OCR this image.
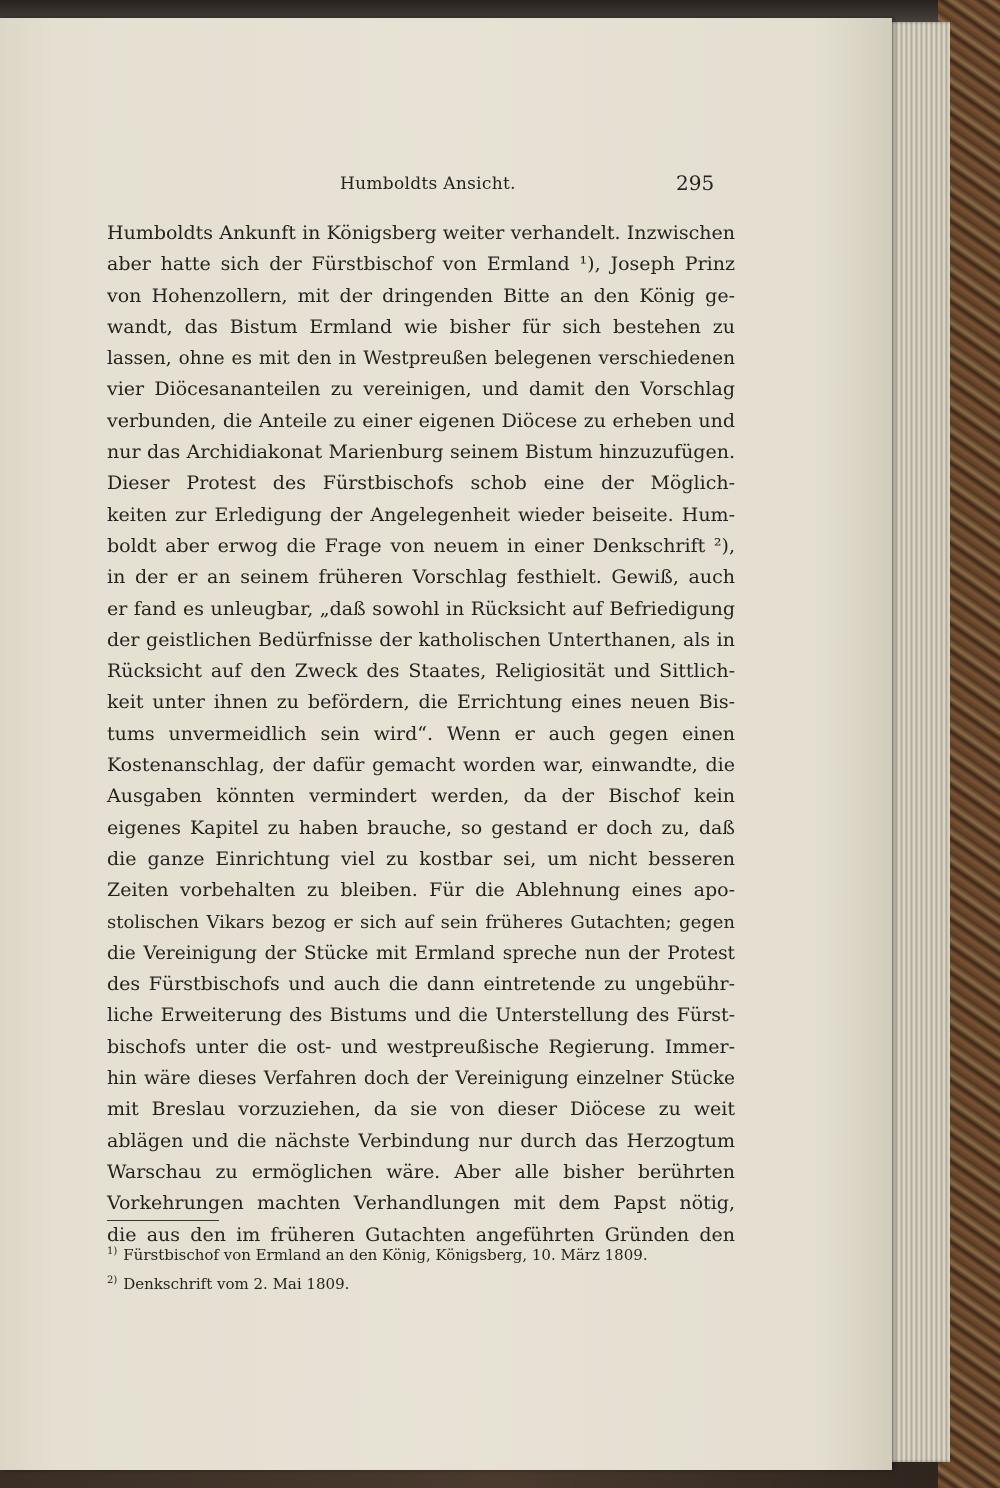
Humboldts Ansicht.	295
Humboldts Ankunft in Königsberg weiter verhandelt. Inzwischen
aber hatte sich der Fürstbischof von Ermland ¹), Joseph Prinz
von Hohenzollern, mit der dringenden Bitte an den König ge-
wandt, das Bistum Ermland wie bisher für sich bestehen zu
lassen, ohne es mit den in Westpreußen belegenen verschiedenen
vier Diöcesananteilen zu vereinigen, und damit den Vorschlag
verbunden, die Anteile zu einer eigenen Diöcese zu erheben und
nur das Archidiakonat Marienburg seinem Bistum hinzuzufügen.
Dieser Protest des Fürstbischofs schob eine der Möglich-
keiten zur Erledigung der Angelegenheit wieder beiseite. Hum-
boldt aber erwog die Frage von neuem in einer Denkschrift ²),
in der er an seinem früheren Vorschlag festhielt. Gewiß, auch
er fand es unleugbar, „daß sowohl in Rücksicht auf Befriedigung
der geistlichen Bedürfnisse der katholischen Unterthanen, als in
Rücksicht auf den Zweck des Staates, Religiosität und Sittlich-
keit unter ihnen zu befördern, die Errichtung eines neuen Bis-
tums unvermeidlich sein wird“. Wenn er auch gegen einen
Kostenanschlag, der dafür gemacht worden war, einwandte, die
Ausgaben könnten vermindert werden, da der Bischof kein
eigenes Kapitel zu haben brauche, so gestand er doch zu, daß
die ganze Einrichtung viel zu kostbar sei, um nicht besseren
Zeiten vorbehalten zu bleiben. Für die Ablehnung eines apo-
stolischen Vikars bezog er sich auf sein früheres Gutachten; gegen
die Vereinigung der Stücke mit Ermland spreche nun der Protest
des Fürstbischofs und auch die dann eintretende zu ungebühr-
liche Erweiterung des Bistums und die Unterstellung des Fürst-
bischofs unter die ost- und westpreußische Regierung. Immer-
hin wäre dieses Verfahren doch der Vereinigung einzelner Stücke
mit Breslau vorzuziehen, da sie von dieser Diöcese zu weit
ablägen und die nächste Verbindung nur durch das Herzogtum
Warschau zu ermöglichen wäre. Aber alle bisher berührten
Vorkehrungen machten Verhandlungen mit dem Papst nötig,
die aus den im früheren Gutachten angeführten Gründen den
$^{1)}$ Fürstbischof von Ermland an den König, Königsberg, 10. März 1809.
$^{2)}$ Denkschrift vom 2. Mai 1809.
